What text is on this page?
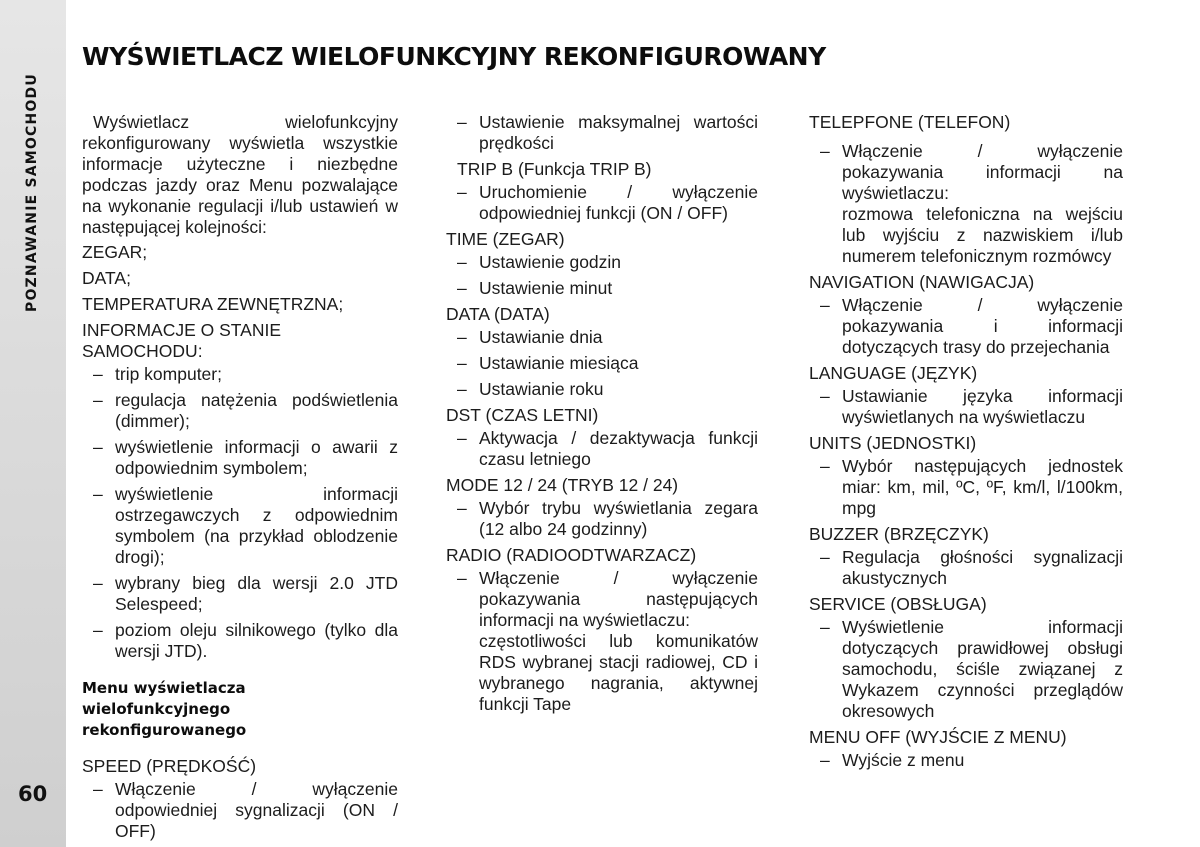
POZNAWANIE SAMOCHODU
60
WYŚWIETLACZ WIELOFUNKCYJNY REKONFIGUROWANY

Wyświetlacz wielofunkcyjny rekonfigurowany wyświetla wszystkie informacje użyteczne i niezbędne podczas jazdy oraz Menu pozwalające na wykonanie regulacji i/lub ustawień w następującej kolejności:

ZEGAR;

DATA;

TEMPERATURA ZEWNĘTRZNA;

INFORMACJE O STANIE SAMOCHODU:

– trip komputer;
– regulacja natężenia podświetlenia (dimmer);
– wyświetlenie informacji o awarii z odpowiednim symbolem;
– wyświetlenie informacji ostrzegawczych z odpowiednim symbolem (na przykład oblodzenie drogi);
– wybrany bieg dla wersji 2.0 JTD Selespeed;
– poziom oleju silnikowego (tylko dla wersji JTD).
Menu wyświetlacza wielofunkcyjnego rekonfigurowanego

SPEED (PRĘDKOŚĆ)

– Włączenie / wyłączenie odpowiedniej sygnalizacji (ON / OFF)
– Ustawienie maksymalnej wartości prędkości

TRIP B (Funkcja TRIP B)

– Uruchomienie / wyłączenie odpowiedniej funkcji (ON / OFF)

TIME (ZEGAR)

– Ustawienie godzin
– Ustawienie minut

DATA (DATA)

– Ustawianie dnia
– Ustawianie miesiąca
– Ustawianie roku

DST (CZAS LETNI)

– Aktywacja / dezaktywacja funkcji czasu letniego

MODE 12 / 24 (TRYB 12 / 24)

– Wybór trybu wyświetlania zegara (12 albo 24 godzinny)

RADIO (RADIOODTWARZACZ)

– Włączenie / wyłączenie pokazywania następujących informacji na wyświetlaczu:
częstotliwości lub komunikatów RDS wybranej stacji radiowej, CD i wybranego nagrania, aktywnej funkcji Tape

TELEPFONE (TELEFON)

– Włączenie / wyłączenie pokazywania informacji na wyświetlaczu:
rozmowa telefoniczna na wejściu lub wyjściu z nazwiskiem i/lub numerem telefonicznym rozmówcy

NAVIGATION (NAWIGACJA)

– Włączenie / wyłączenie pokazywania i informacji dotyczących trasy do przejechania

LANGUAGE (JĘZYK)

– Ustawianie języka informacji wyświetlanych na wyświetlaczu

UNITS (JEDNOSTKI)

– Wybór następujących jednostek miar: km, mil, ºC, ºF, km/l, l/100km, mpg

BUZZER (BRZĘCZYK)

– Regulacja głośności sygnalizacji akustycznych

SERVICE (OBSŁUGA)

– Wyświetlenie informacji dotyczących prawidłowej obsługi samochodu, ściśle związanej z Wykazem czynności przeglądów okresowych

MENU OFF (WYJŚCIE Z MENU)

– Wyjście z menu
